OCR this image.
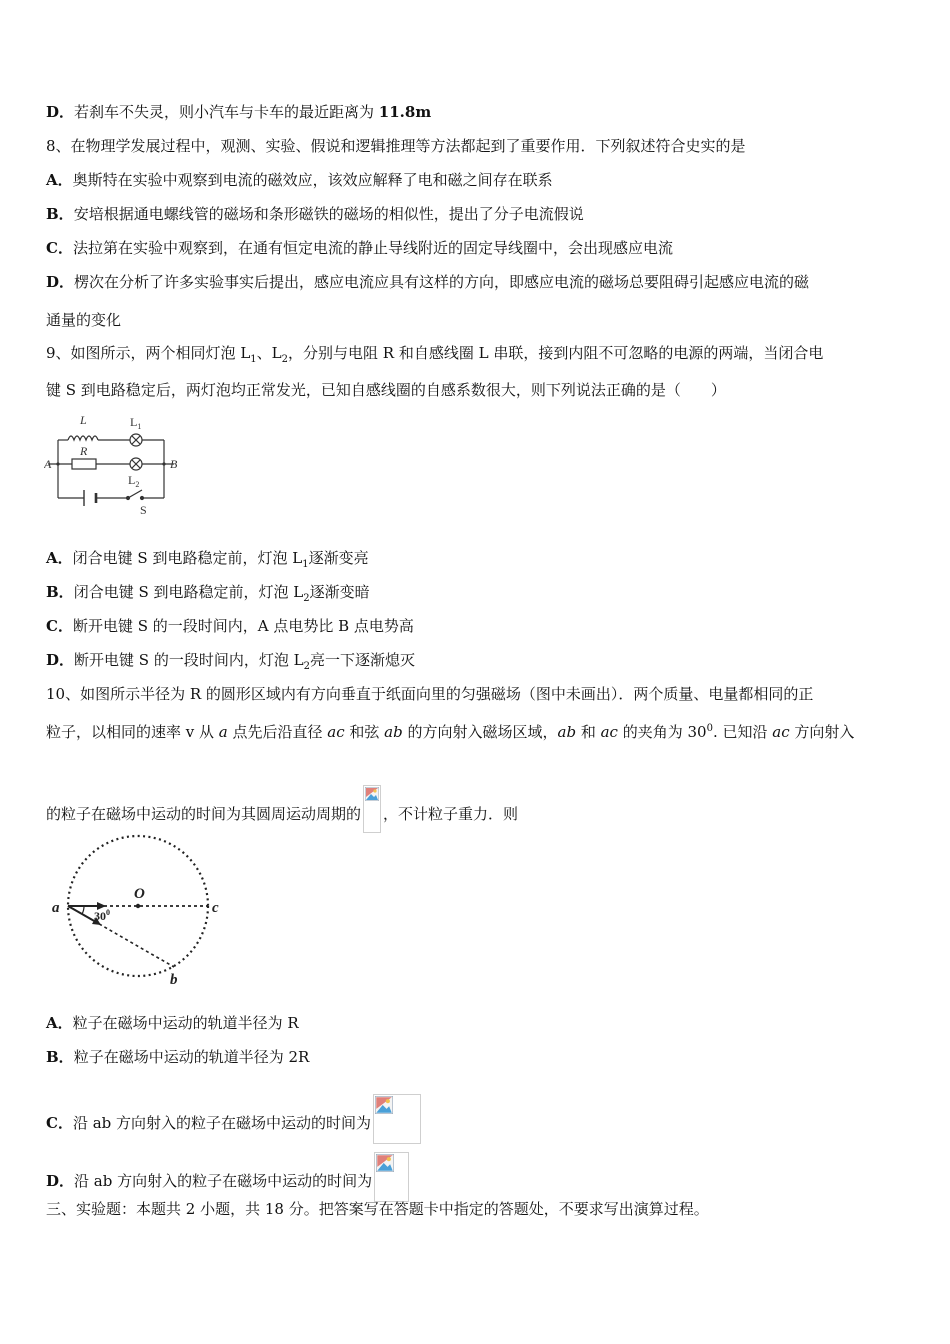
D．若刹车不失灵，则小汽车与卡车的最近距离为 11.8m
8、在物理学发展过程中，观测、实验、假说和逻辑推理等方法都起到了重要作用．下列叙述符合史实的是
A．奥斯特在实验中观察到电流的磁效应，该效应解释了电和磁之间存在联系
B．安培根据通电螺线管的磁场和条形磁铁的磁场的相似性，提出了分子电流假说
C．法拉第在实验中观察到，在通有恒定电流的静止导线附近的固定导线圈中，会出现感应电流
D．楞次在分析了许多实验事实后提出，感应电流应具有这样的方向，即感应电流的磁场总要阻碍引起感应电流的磁
通量的变化
9、如图所示，两个相同灯泡 $L_1$、$L_2$，分别与电阻 R 和自感线圈 L 串联，接到内阻不可忽略的电源的两端，当闭合电
键 S 到电路稳定后，两灯泡均正常发光，已知自感线圈的自感系数很大，则下列说法正确的是（　　）
L	$L_1$
A	B
R
$L_2$
S
A．闭合电键 S 到电路稳定前，灯泡 $L_1$逐渐变亮
B．闭合电键 S 到电路稳定前，灯泡 $L_2$逐渐变暗
C．断开电键 S 的一段时间内，A 点电势比 B 点电势高
D．断开电键 S 的一段时间内，灯泡 $L_2$亮一下逐渐熄灭
10、如图所示半径为 R 的圆形区域内有方向垂直于纸面向里的匀强磁场（图中未画出）．两个质量、电量都相同的正
粒子，以相同的速率 v 从 a 点先后沿直径 ac 和弦 ab 的方向射入磁场区域，ab 和 ac 的夹角为 $30^0$. 已知沿 ac 方向射入
的粒子在磁场中运动的时间为其圆周运动周期的 ，不计粒子重力．则
O
a	c
b
$30^0$
A．粒子在磁场中运动的轨道半径为 R
B．粒子在磁场中运动的轨道半径为 2R
C．沿 ab 方向射入的粒子在磁场中运动的时间为
D．沿 ab 方向射入的粒子在磁场中运动的时间为
三、实验题：本题共 2 小题，共 18 分。把答案写在答题卡中指定的答题处，不要求写出演算过程。
